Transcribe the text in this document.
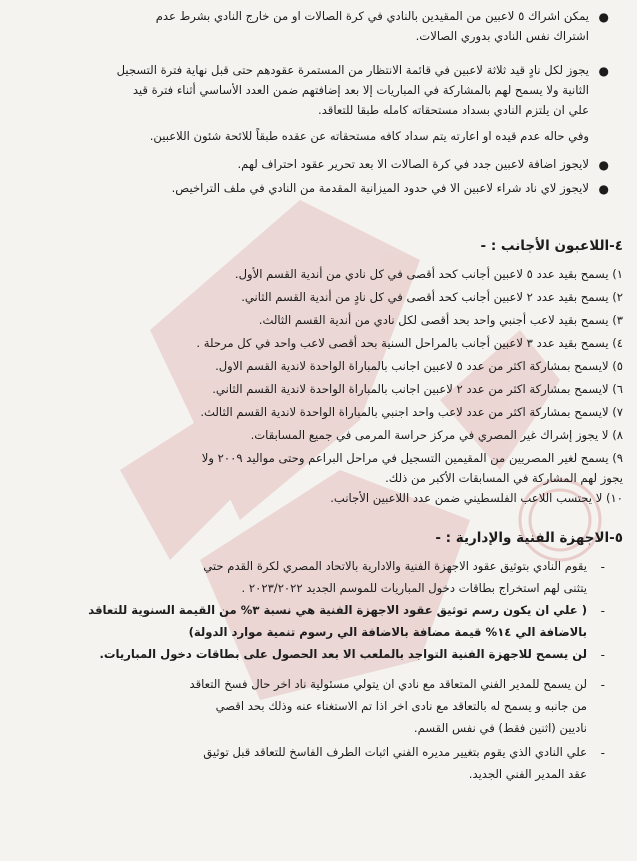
●
يمكن اشراك ٥ لاعبين من المقيدين بالنادي في كرة الصالات او من خارج النادي بشرط عدم
اشتراك نفس النادي بدوري الصالات.
●
يجوز لكل نادٍ قيد ثلاثة لاعبين في قائمة الانتظار من المستمرة عقودهم حتى قبل نهاية فترة التسجيل
الثانية ولا يسمح لهم بالمشاركة في المباريات إلا بعد إضافتهم ضمن العدد الأساسي أثناء فترة قيد
علي ان يلتزم النادي بسداد مستحقاته كامله طبقا للتعاقد.
وفي حاله عدم قيده او اعارته يتم سداد كافه مستحقاته عن عقده طبقاً للائحة شئون اللاعبين.
●
لايجوز اضافة لاعبين جدد في كرة الصالات الا بعد تحرير عقود احتراف لهم.
●
لايجوز لاي ناد شراء لاعبين الا في حدود الميزانية المقدمة من النادي في ملف التراخيص.
٤-اللاعبون الأجانب : -
١) يسمح بقيد عدد ٥ لاعبين أجانب كحد أقصى في كل نادي من أندية القسم الأول.
٢) يسمح بقيد عدد ٢ لاعبين أجانب كحد أقصى في كل نادٍ من أندية القسم الثاني.
٣) يسمح بقيد لاعب أجنبي واحد بحد أقصى لكل نادي من أندية القسم الثالث.
٤) يسمح بقيد عدد ٣ لاعبين أجانب بالمراحل السنية بحد أقصى لاعب واحد في كل مرحلة .
٥) لايسمح بمشاركة اكثر من عدد ٥ لاعبين اجانب بالمباراة الواحدة لاندية القسم الاول.
٦) لايسمح بمشاركة اكثر من عدد ٢ لاعبين اجانب بالمباراة الواحدة لاندية القسم الثاني.
٧) لايسمح بمشاركة اكثر من عدد لاعب واحد اجنبي بالمباراة الواحدة لاندية القسم الثالث.
٨) لا يجوز إشراك غير المصري في مركز حراسة المرمى في جميع المسابقات.
٩) يسمح لغير المصريين من المقيمين التسجيل في مراحل البراعم وحتى مواليد ٢٠٠٩ ولا
يجوز لهم المشاركة في المسابقات الأكبر من ذلك.
١٠) لا يحتسب اللاعب الفلسطيني ضمن عدد اللاعبين الأجانب.
٥-الاجهزة الفنية والإدارية : -
-
يقوم النادي بتوثيق عقود الاجهزة الفنية والادارية بالاتحاد المصري لكرة القدم حتي
يتثنى لهم استخراج بطاقات دخول المباريات للموسم الجديد ٢٠٢٣/٢٠٢٢ .
-
( علي ان يكون رسم توثيق عقود الاجهزة الفنية هي نسبة ٣% من القيمة السنوية للتعاقد
بالاضافة الي ١٤% قيمة مضافة بالاضافة الي رسوم تنمية موارد الدولة)
-
لن يسمح للاجهزة الفنية التواجد بالملعب الا بعد الحصول على بطاقات دخول المباريات.
-
لن يسمح للمدير الفني المتعاقد مع نادي ان يتولي مسئولية ناد اخر حال فسخ التعاقد
من جانبه و يسمح له بالتعاقد مع نادى اخر اذا تم الاستغناء عنه وذلك بحد اقصي
ناديين (اثنين فقط) في نفس القسم.
-
علي النادي الذي يقوم بتغيير مديره الفني اثبات الطرف الفاسخ للتعاقد قبل توثيق
عقد المدير الفني الجديد.
